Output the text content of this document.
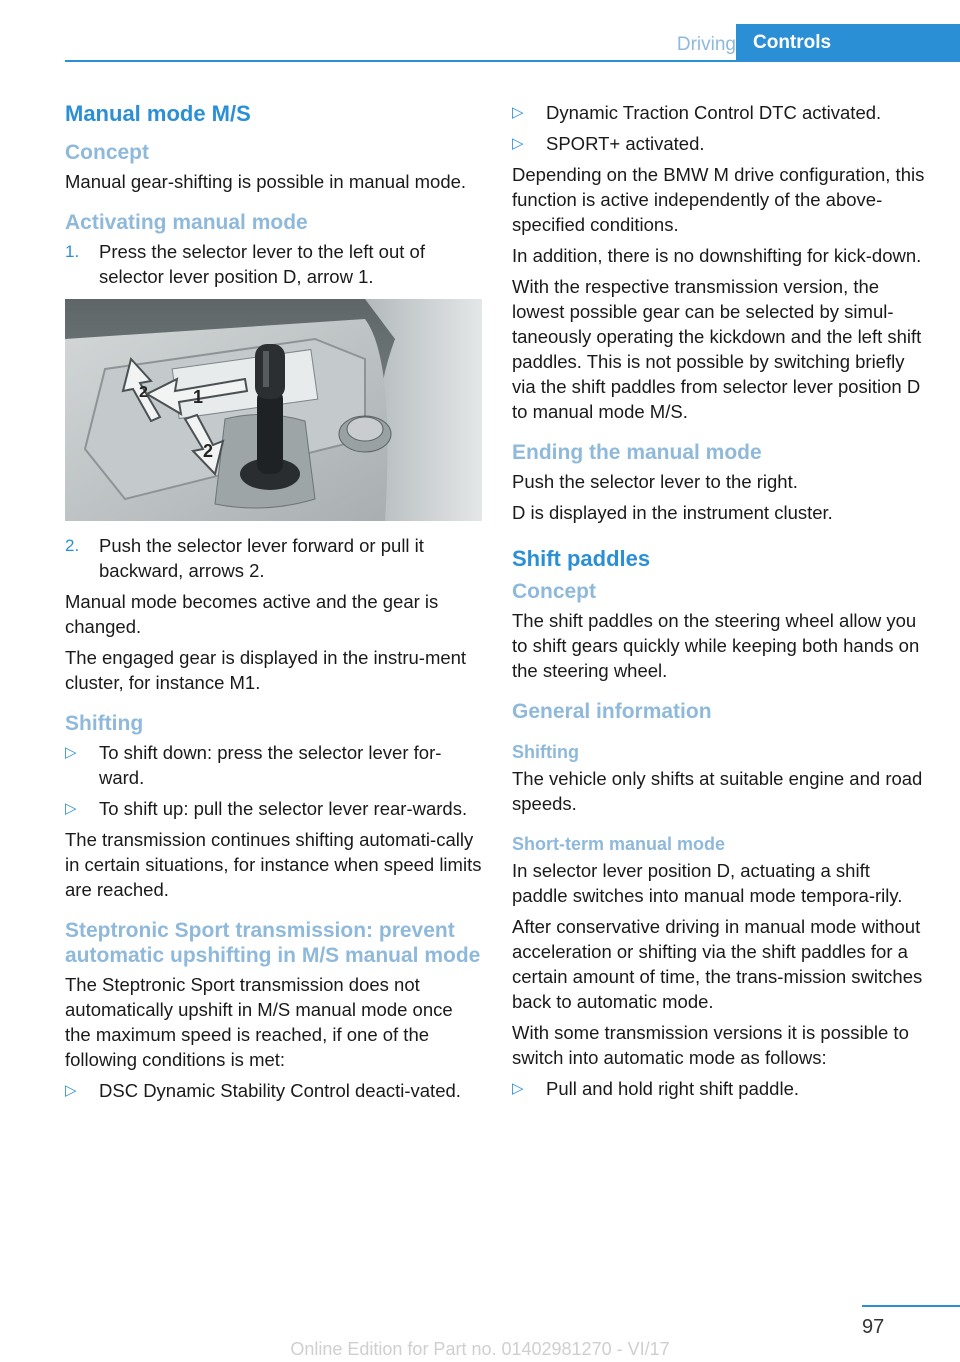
Driving Controls
Manual mode M/S
Concept

Manual gear-shifting is possible in manual mode.

Activating manual mode
1. Press the selector lever to the left out of selector lever position D, arrow 1.
1
2
2
2. Push the selector lever forward or pull it backward, arrows 2.

Manual mode becomes active and the gear is changed.

The engaged gear is displayed in the instru‐ment cluster, for instance M1.

Shifting
▷ To shift down: press the selector lever for‐ward.
▷ To shift up: pull the selector lever rear‐wards.

The transmission continues shifting automati‐cally in certain situations, for instance when speed limits are reached.

Steptronic Sport transmission: prevent automatic upshifting in M/S manual mode

The Steptronic Sport transmission does not automatically upshift in M/S manual mode once the maximum speed is reached, if one of the following conditions is met:

▷ DSC Dynamic Stability Control deacti‐vated.
▷ Dynamic Traction Control DTC activated.
▷ SPORT+ activated.

Depending on the BMW M drive configuration, this function is active independently of the above-specified conditions.

In addition, there is no downshifting for kick‐down.

With the respective transmission version, the lowest possible gear can be selected by simul‐taneously operating the kickdown and the left shift paddles. This is not possible by switching briefly via the shift paddles from selector lever position D to manual mode M/S.

Ending the manual mode

Push the selector lever to the right.

D is displayed in the instrument cluster.

Shift paddles
Concept

The shift paddles on the steering wheel allow you to shift gears quickly while keeping both hands on the steering wheel.

General information
Shifting

The vehicle only shifts at suitable engine and road speeds.

Short-term manual mode

In selector lever position D, actuating a shift paddle switches into manual mode tempora‐rily.

After conservative driving in manual mode without acceleration or shifting via the shift paddles for a certain amount of time, the trans‐mission switches back to automatic mode.

With some transmission versions it is possible to switch into automatic mode as follows:

▷ Pull and hold right shift paddle.
97
Online Edition for Part no. 01402981270 - VI/17
